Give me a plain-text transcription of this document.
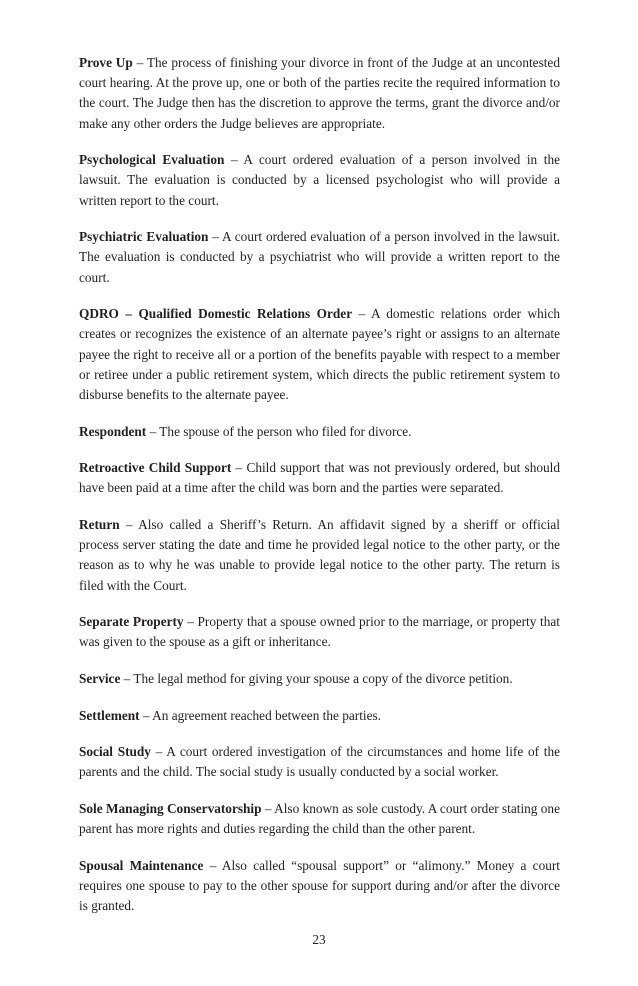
Prove Up – The process of finishing your divorce in front of the Judge at an uncontested court hearing. At the prove up, one or both of the parties recite the required information to the court. The Judge then has the discretion to approve the terms, grant the divorce and/or make any other orders the Judge believes are appropriate.

Psychological Evaluation – A court ordered evaluation of a person involved in the lawsuit. The evaluation is conducted by a licensed psychologist who will provide a written report to the court.

Psychiatric Evaluation – A court ordered evaluation of a person involved in the lawsuit. The evaluation is conducted by a psychiatrist who will provide a written report to the court.

QDRO – Qualified Domestic Relations Order – A domestic relations order which creates or recognizes the existence of an alternate payee’s right or assigns to an alternate payee the right to receive all or a portion of the benefits payable with respect to a member or retiree under a public retirement system, which directs the public retirement system to disburse benefits to the alternate payee.

Respondent – The spouse of the person who filed for divorce.

Retroactive Child Support – Child support that was not previously ordered, but should have been paid at a time after the child was born and the parties were separated.

Return – Also called a Sheriff’s Return. An affidavit signed by a sheriff or official process server stating the date and time he provided legal notice to the other party, or the reason as to why he was unable to provide legal notice to the other party. The return is filed with the Court.

Separate Property – Property that a spouse owned prior to the marriage, or property that was given to the spouse as a gift or inheritance.

Service – The legal method for giving your spouse a copy of the divorce petition.

Settlement – An agreement reached between the parties.

Social Study – A court ordered investigation of the circumstances and home life of the parents and the child. The social study is usually conducted by a social worker.

Sole Managing Conservatorship – Also known as sole custody. A court order stating one parent has more rights and duties regarding the child than the other parent.

Spousal Maintenance – Also called “spousal support” or “alimony.” Money a court requires one spouse to pay to the other spouse for support during and/or after the divorce is granted.

23
